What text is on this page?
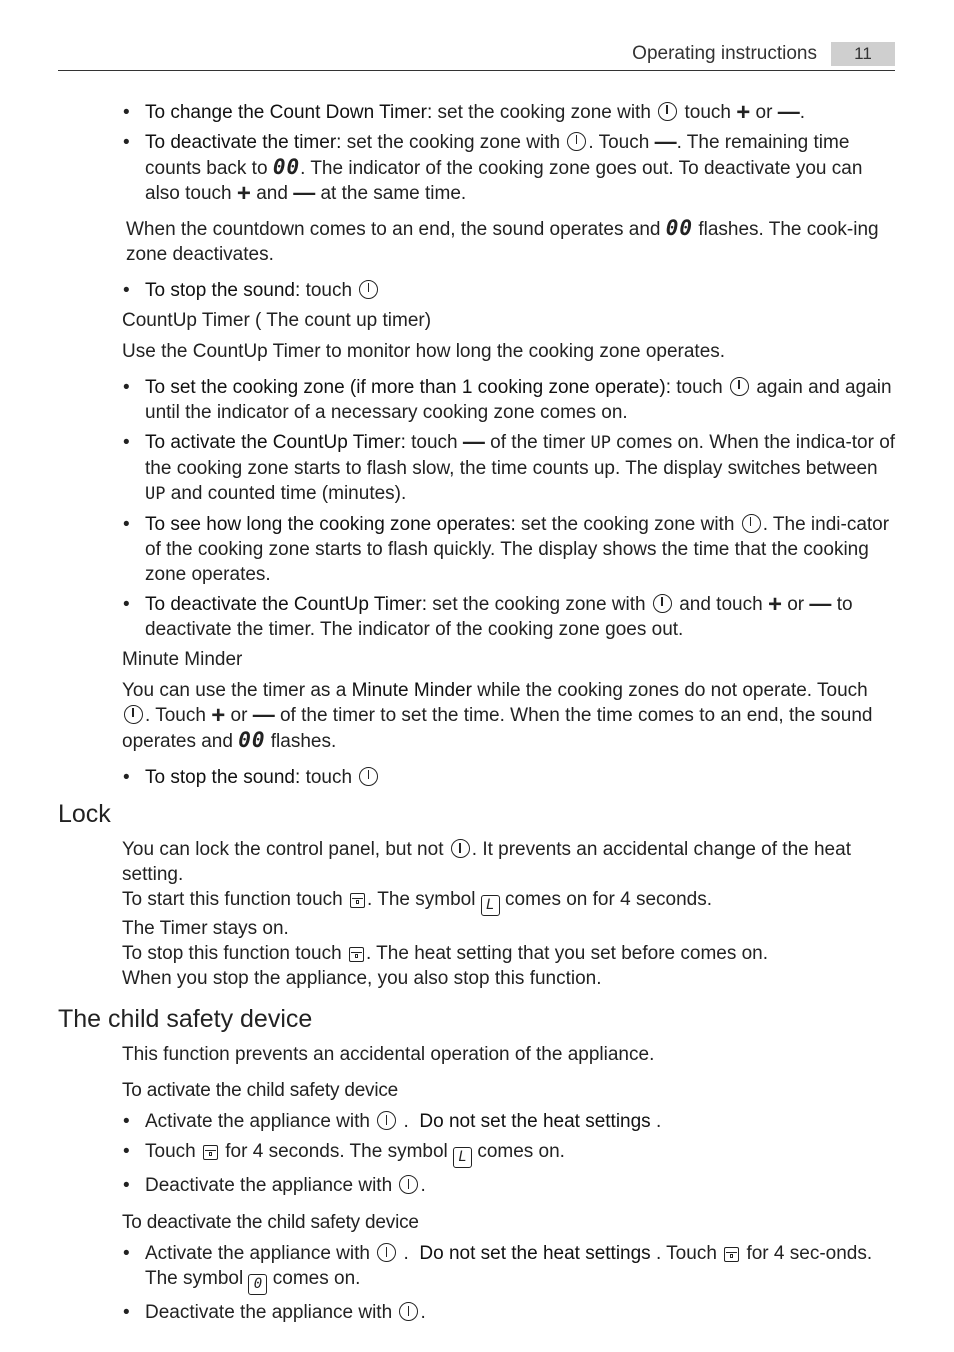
Operating instructions	11
• To change the Count Down Timer: set the cooking zone with touch + or —.
• To deactivate the timer: set the cooking zone with . Touch —. The remaining time counts back to 00. The indicator of the cooking zone goes out. To deactivate you can also touch + and — at the same time.
When the countdown comes to an end, the sound operates and 00 flashes. The cook-ing zone deactivates.
• To stop the sound: touch
CountUp Timer ( The count up timer)
Use the CountUp Timer to monitor how long the cooking zone operates.
• To set the cooking zone (if more than 1 cooking zone operate): touch again and again until the indicator of a necessary cooking zone comes on.
• To activate the CountUp Timer: touch — of the timer UP comes on. When the indica-tor of the cooking zone starts to flash slow, the time counts up. The display switches between UP and counted time (minutes).
• To see how long the cooking zone operates: set the cooking zone with . The indi-cator of the cooking zone starts to flash quickly. The display shows the time that the cooking zone operates.
• To deactivate the CountUp Timer: set the cooking zone with and touch + or — to deactivate the timer. The indicator of the cooking zone goes out.
Minute Minder
You can use the timer as a Minute Minder while the cooking zones do not operate. Touch . Touch + or — of the timer to set the time. When the time comes to an end, the sound operates and 00 flashes.
• To stop the sound: touch
Lock
You can lock the control panel, but not . It prevents an accidental change of the heat setting.
To start this function touch . The symbol L comes on for 4 seconds.
The Timer stays on.
To stop this function touch . The heat setting that you set before comes on.
When you stop the appliance, you also stop this function.
The child safety device
This function prevents an accidental operation of the appliance.
To activate the child safety device
• Activate the appliance with . Do not set the heat settings .
• Touch for 4 seconds. The symbol L comes on.
• Deactivate the appliance with .
To deactivate the child safety device
• Activate the appliance with . Do not set the heat settings . Touch for 4 sec-onds. The symbol 0 comes on.
• Deactivate the appliance with .
